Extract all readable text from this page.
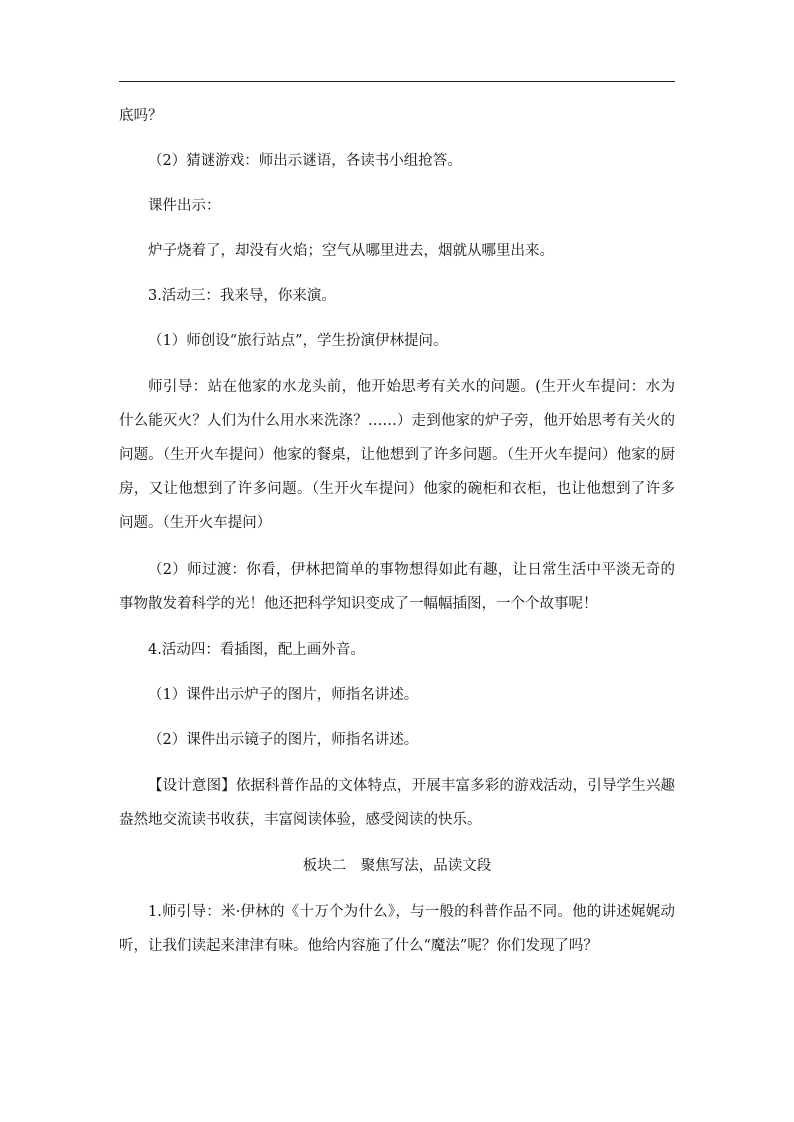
底吗？

（2）猜谜游戏：师出示谜语，各读书小组抢答。

课件出示：

炉子烧着了，却没有火焰；空气从哪里进去，烟就从哪里出来。

3.活动三：我来导，你来演。

（1）师创设“旅行站点”，学生扮演伊林提问。

师引导：站在他家的水龙头前，他开始思考有关水的问题。(生开火车提问：水为什么能灭火？人们为什么用水来洗涤？……）走到他家的炉子旁，他开始思考有关火的问题。（生开火车提问）他家的餐桌，让他想到了许多问题。（生开火车提问）他家的厨房，又让他想到了许多问题。（生开火车提问）他家的碗柜和衣柜，也让他想到了许多问题。（生开火车提问）

（2）师过渡：你看，伊林把简单的事物想得如此有趣，让日常生活中平淡无奇的事物散发着科学的光！他还把科学知识变成了一幅幅插图，一个个故事呢！

4.活动四：看插图，配上画外音。

（1）课件出示炉子的图片，师指名讲述。

（2）课件出示镜子的图片，师指名讲述。

【设计意图】依据科普作品的文体特点，开展丰富多彩的游戏活动，引导学生兴趣盎然地交流读书收获，丰富阅读体验，感受阅读的快乐。

板块二　聚焦写法，品读文段

1.师引导：米·伊林的《十万个为什么》，与一般的科普作品不同。他的讲述娓娓动听，让我们读起来津津有味。他给内容施了什么“魔法”呢？你们发现了吗？
